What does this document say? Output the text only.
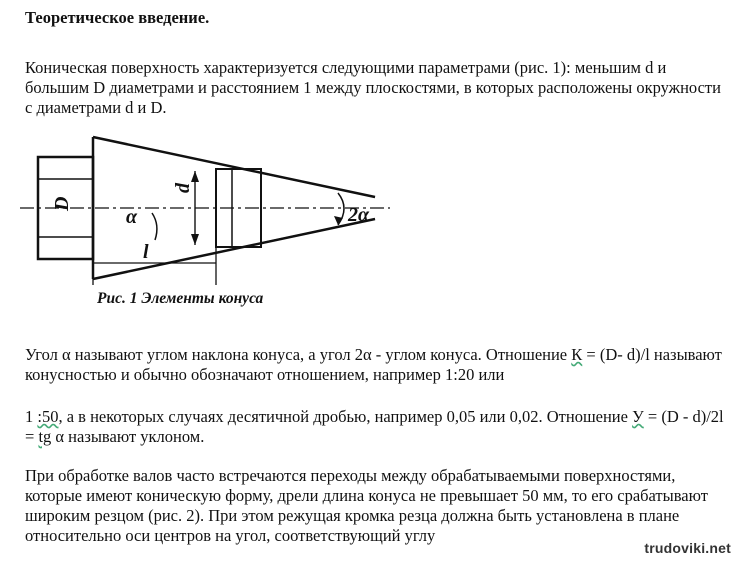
Теоретическое введение.

Коническая поверхность характеризуется следующими параметрами (рис. 1): меньшим d и большим D диаметрами и расстоянием 1 между плоскостями, в которых расположены окружности с диаметрами d и D.

D
d
α
l
2α
Рис. 1 Элементы конуса

Угол α называют углом наклона конуса, а угол 2α - углом конуса. Отношение К = (D- d)/l называют конусностью и обычно обозначают отношением, например 1:20 или

1 :50, а в некоторых случаях десятичной дробью, например 0,05 или 0,02. Отношение У = (D - d)/2l = tg α называют уклоном.

При обработке валов часто встречаются переходы между обрабатываемыми поверхностями, которые имеют коническую форму, дрели длина конуса не превышает 50 мм, то его срабатывают широким резцом (рис. 2). При этом режущая кромка резца должна быть установлена в плане относительно оси центров на угол, соответствующий углу

trudoviki.net
